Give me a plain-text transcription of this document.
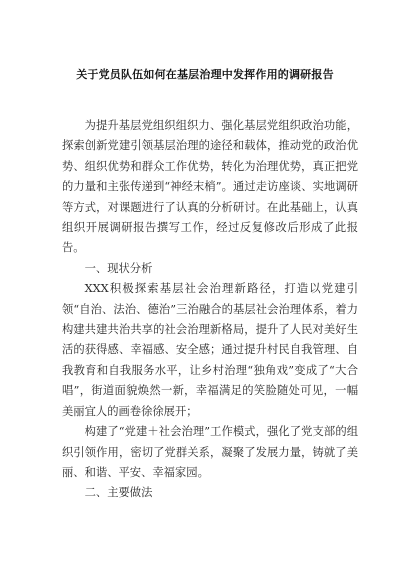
关于党员队伍如何在基层治理中发挥作用的调研报告

为提升基层党组织组织力、强化基层党组织政治功能，探索创新党建引领基层治理的途径和载体，推动党的政治优势、组织优势和群众工作优势，转化为治理优势，真正把党的力量和主张传递到“神经末梢”。通过走访座谈、实地调研等方式，对课题进行了认真的分析研讨。在此基础上，认真组织开展调研报告撰写工作，经过反复修改后形成了此报告。

一、现状分析

XXX积极探索基层社会治理新路径，打造以党建引领“自治、法治、德治”三治融合的基层社会治理体系，着力构建共建共治共享的社会治理新格局，提升了人民对美好生活的获得感、幸福感、安全感；通过提升村民自我管理、自我教育和自我服务水平，让乡村治理“独角戏”变成了“大合唱”，街道面貌焕然一新，幸福满足的笑脸随处可见，一幅美丽宜人的画卷徐徐展开；

构建了“党建＋社会治理”工作模式，强化了党支部的组织引领作用，密切了党群关系，凝聚了发展力量，铸就了美丽、和谐、平安、幸福家园。

二、主要做法
